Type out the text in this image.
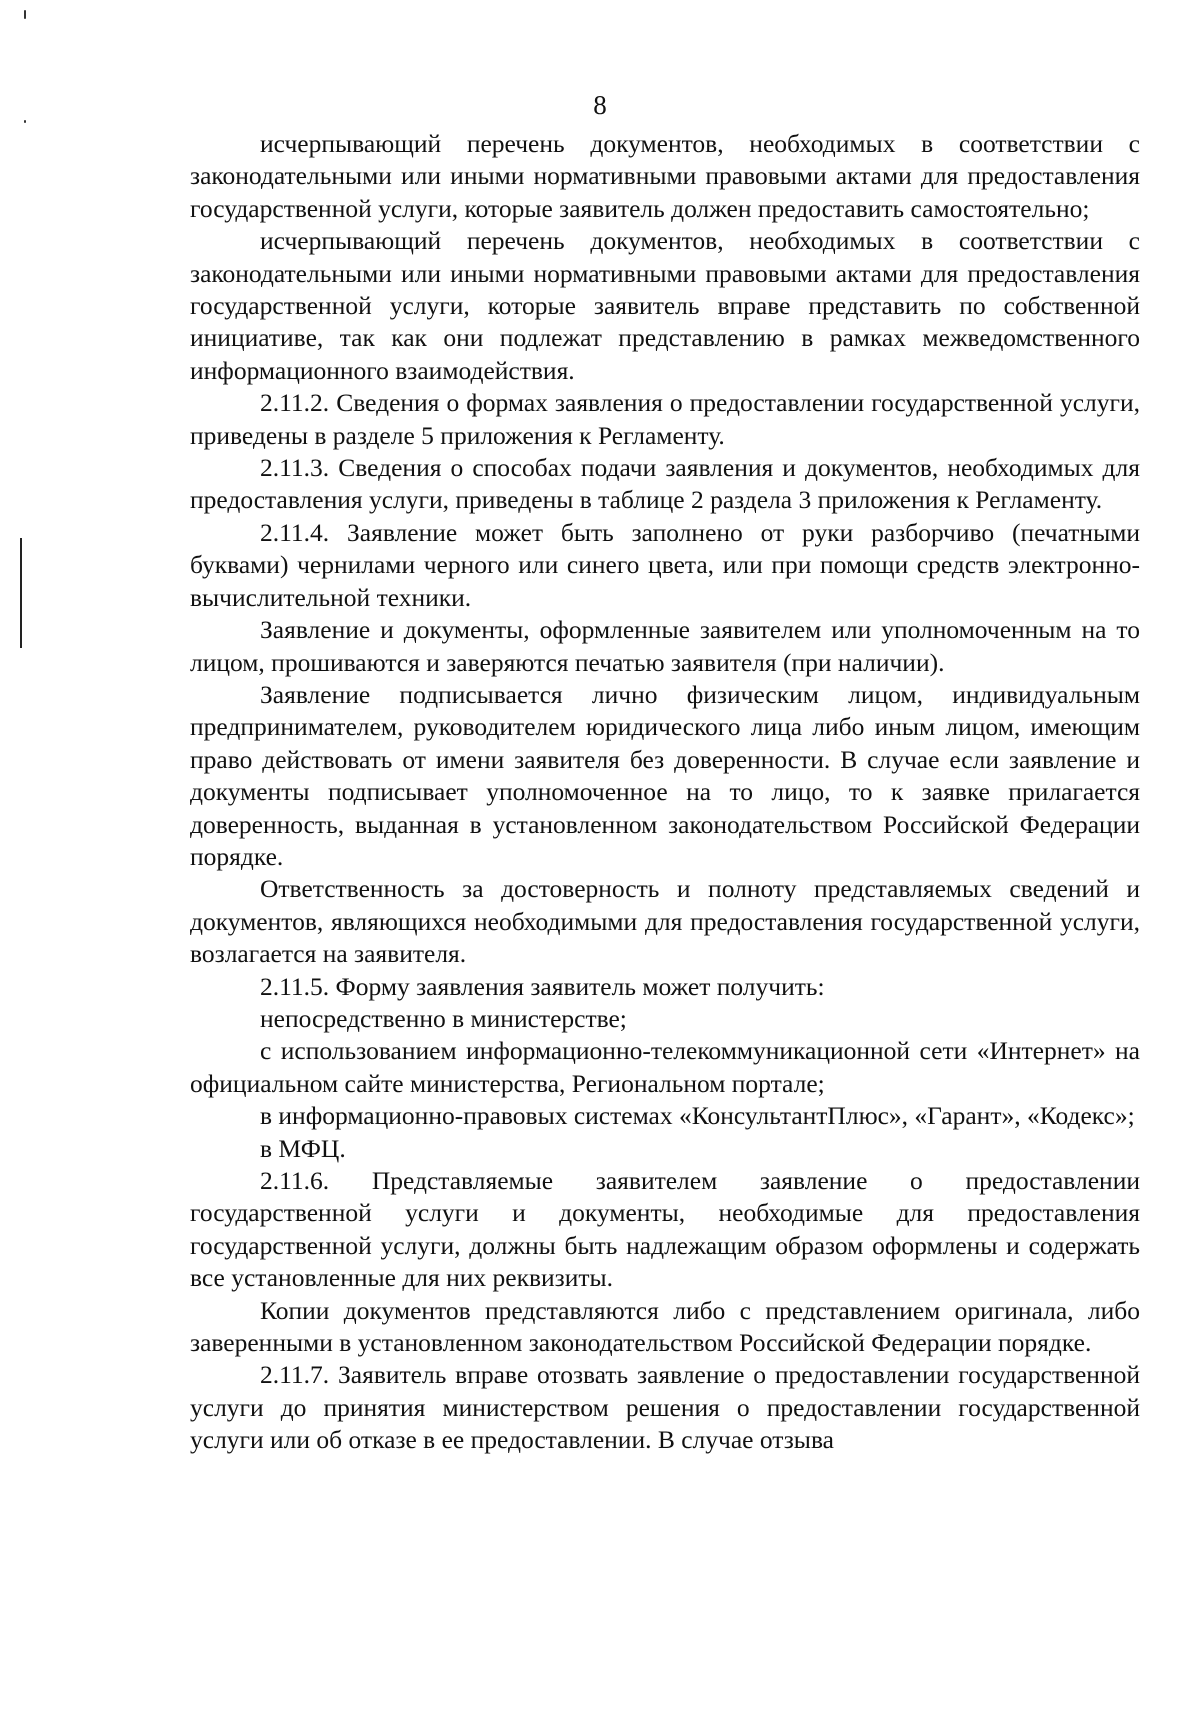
8

исчерпывающий перечень документов, необходимых в соответствии с законодательными или иными нормативными правовыми актами для предоставления государственной услуги, которые заявитель должен предоставить самостоятельно;

исчерпывающий перечень документов, необходимых в соответствии с законодательными или иными нормативными правовыми актами для предоставления государственной услуги, которые заявитель вправе представить по собственной инициативе, так как они подлежат представлению в рамках межведомственного информационного взаимодействия.

2.11.2. Сведения о формах заявления о предоставлении государственной услуги, приведены в разделе 5 приложения к Регламенту.

2.11.3. Сведения о способах подачи заявления и документов, необходимых для предоставления услуги, приведены в таблице 2 раздела 3 приложения к Регламенту.

2.11.4. Заявление может быть заполнено от руки разборчиво (печатными буквами) чернилами черного или синего цвета, или при помощи средств электронно-вычислительной техники.

Заявление и документы, оформленные заявителем или уполномоченным на то лицом, прошиваются и заверяются печатью заявителя (при наличии).

Заявление подписывается лично физическим лицом, индивидуальным предпринимателем, руководителем юридического лица либо иным лицом, имеющим право действовать от имени заявителя без доверенности. В случае если заявление и документы подписывает уполномоченное на то лицо, то к заявке прилагается доверенность, выданная в установленном законодательством Российской Федерации порядке.

Ответственность за достоверность и полноту представляемых сведений и документов, являющихся необходимыми для предоставления государственной услуги, возлагается на заявителя.

2.11.5. Форму заявления заявитель может получить:

непосредственно в министерстве;

с использованием информационно-телекоммуникационной сети «Интернет» на официальном сайте министерства, Региональном портале;

в информационно-правовых системах «КонсультантПлюс», «Гарант», «Кодекс»;

в МФЦ.

2.11.6. Представляемые заявителем заявление о предоставлении государственной услуги и документы, необходимые для предоставления государственной услуги, должны быть надлежащим образом оформлены и содержать все установленные для них реквизиты.

Копии документов представляются либо с представлением оригинала, либо заверенными в установленном законодательством Российской Федерации порядке.

2.11.7. Заявитель вправе отозвать заявление о предоставлении государственной услуги до принятия министерством решения о предоставлении государственной услуги или об отказе в ее предоставлении. В случае отзыва
